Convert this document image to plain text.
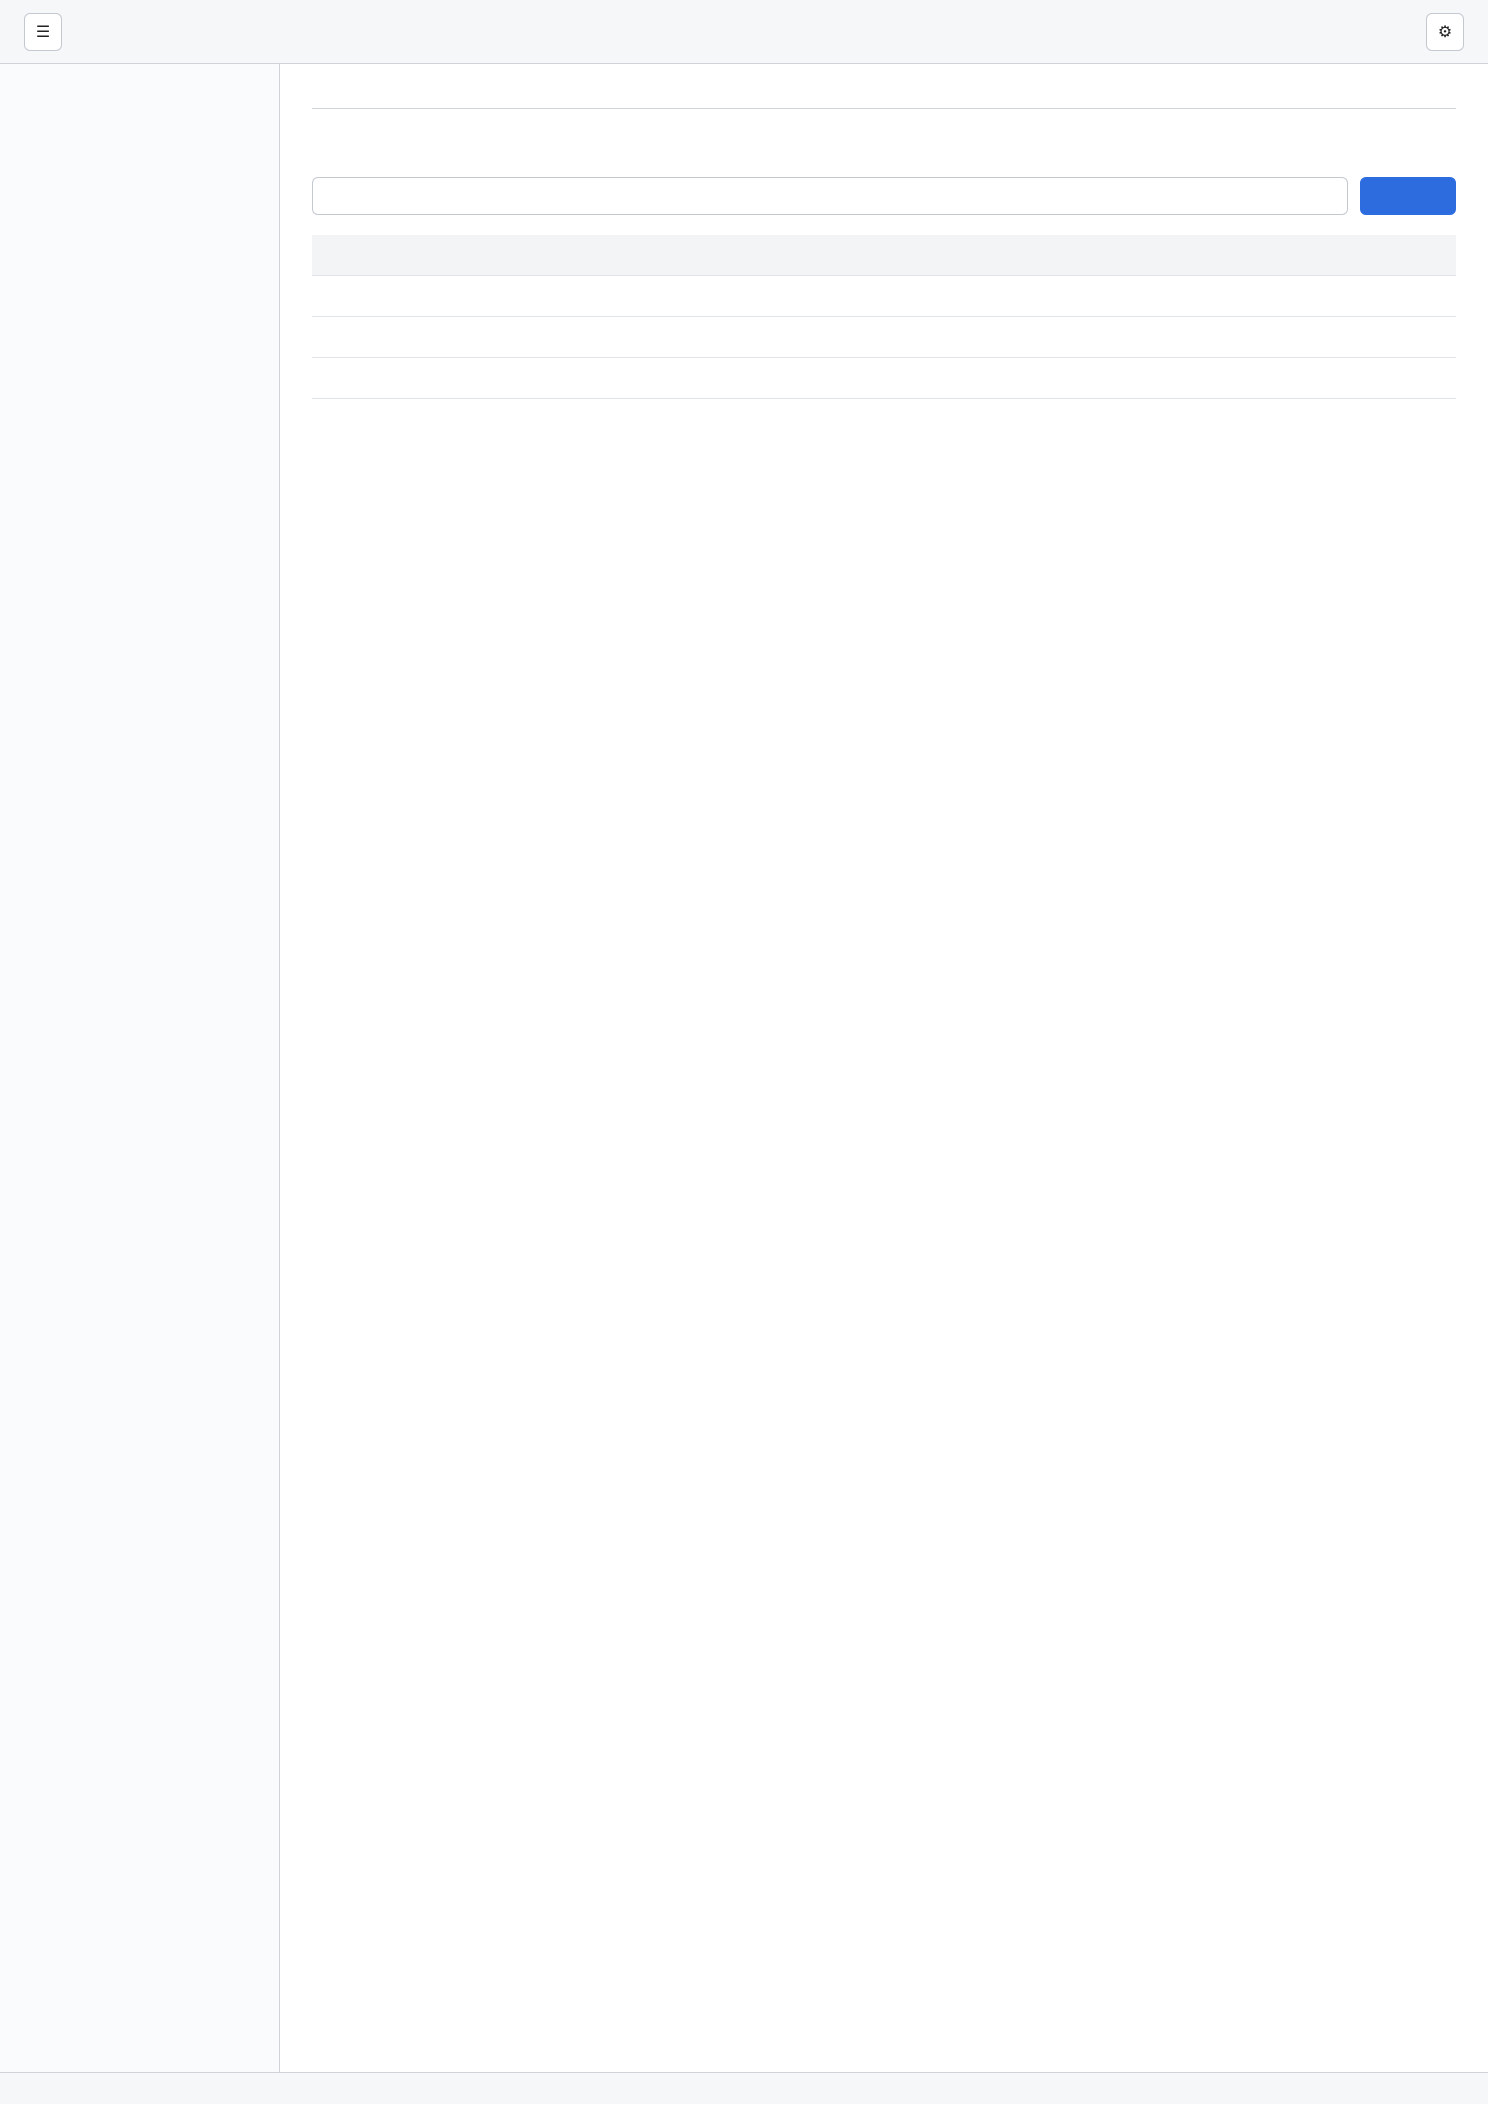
☰	⚙
